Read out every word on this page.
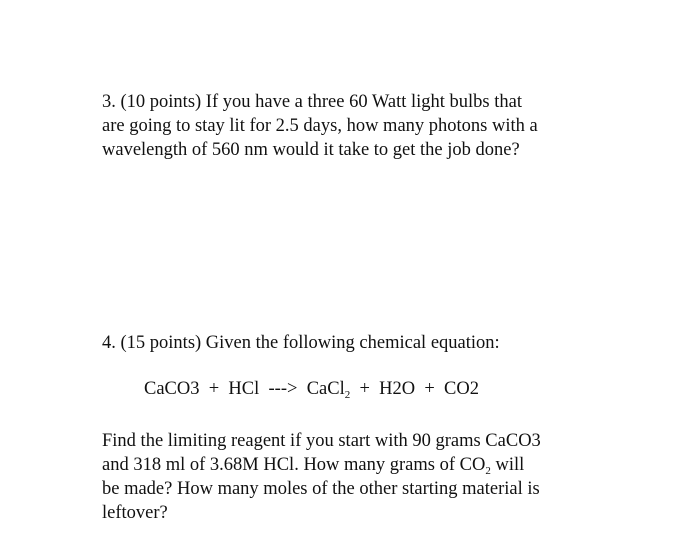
3. (10 points) If you have a three 60 Watt light bulbs that
are going to stay lit for 2.5 days, how many photons with a
wavelength of 560 nm would it take to get the job done?

4. (15 points) Given the following chemical equation:

CaCO3  +  HCl  --->  CaCl$_2$  +  H2O  +  CO2

Find the limiting reagent if you start with 90 grams CaCO3
and 318 ml of 3.68M HCl. How many grams of $CO_2$ will
be made? How many moles of the other starting material is
leftover?
